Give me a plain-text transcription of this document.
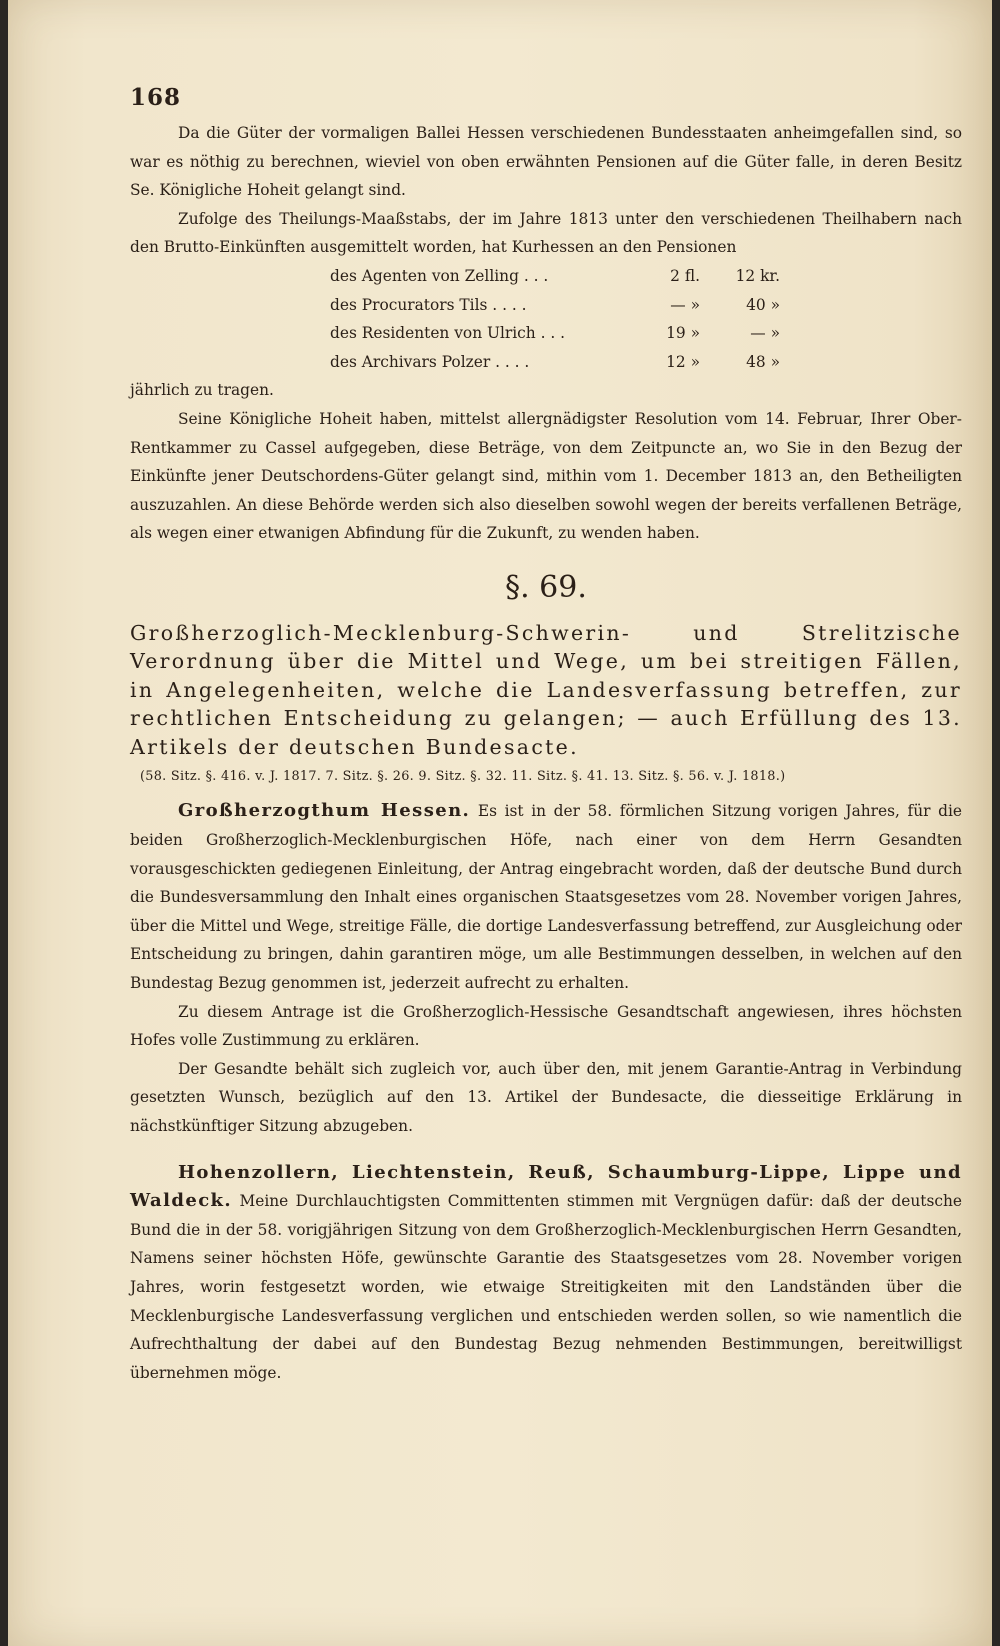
168

Da die Güter der vormaligen Ballei Hessen verschiedenen Bundesstaaten anheimgefallen sind, so war es nöthig zu berechnen, wieviel von oben erwähnten Pensionen auf die Güter falle, in deren Besitz Se. Königliche Hoheit gelangt sind.

Zufolge des Theilungs-Maaßstabs, der im Jahre 1813 unter den verschiedenen Theilhabern nach den Brutto-Einkünften ausgemittelt worden, hat Kurhessen an den Pensionen

des Agenten von Zelling . . .	2 fl.	12 kr.
des Procurators Tils . . . .	— »	40 »
des Residenten von Ulrich . . .	19 »	— »
des Archivars Polzer . . . .	12 »	48 »

jährlich zu tragen.

Seine Königliche Hoheit haben, mittelst allergnädigster Resolution vom 14. Februar, Ihrer Ober-Rentkammer zu Cassel aufgegeben, diese Beträge, von dem Zeitpuncte an, wo Sie in den Bezug der Einkünfte jener Deutschordens-Güter gelangt sind, mithin vom 1. December 1813 an, den Betheiligten auszuzahlen. An diese Behörde werden sich also dieselben sowohl wegen der bereits verfallenen Beträge, als wegen einer etwanigen Abfindung für die Zukunft, zu wenden haben.

§. 69.
Großherzoglich-Mecklenburg-Schwerin- und Strelitzische Verordnung über die Mittel und Wege, um bei streitigen Fällen, in Angelegenheiten, welche die Landesverfassung betreffen, zur rechtlichen Entscheidung zu gelangen; — auch Erfüllung des 13. Artikels der deutschen Bundesacte.
(58. Sitz. §. 416. v. J. 1817. 7. Sitz. §. 26. 9. Sitz. §. 32. 11. Sitz. §. 41. 13. Sitz. §. 56. v. J. 1818.)

Großherzogthum Hessen. Es ist in der 58. förmlichen Sitzung vorigen Jahres, für die beiden Großherzoglich-Mecklenburgischen Höfe, nach einer von dem Herrn Gesandten vorausgeschickten gediegenen Einleitung, der Antrag eingebracht worden, daß der deutsche Bund durch die Bundesversammlung den Inhalt eines organischen Staatsgesetzes vom 28. November vorigen Jahres, über die Mittel und Wege, streitige Fälle, die dortige Landesverfassung betreffend, zur Ausgleichung oder Entscheidung zu bringen, dahin garantiren möge, um alle Bestimmungen desselben, in welchen auf den Bundestag Bezug genommen ist, jederzeit aufrecht zu erhalten.

Zu diesem Antrage ist die Großherzoglich-Hessische Gesandtschaft angewiesen, ihres höchsten Hofes volle Zustimmung zu erklären.

Der Gesandte behält sich zugleich vor, auch über den, mit jenem Garantie-Antrag in Verbindung gesetzten Wunsch, bezüglich auf den 13. Artikel der Bundesacte, die diesseitige Erklärung in nächstkünftiger Sitzung abzugeben.

Hohenzollern, Liechtenstein, Reuß, Schaumburg-Lippe, Lippe und Waldeck. Meine Durchlauchtigsten Committenten stimmen mit Vergnügen dafür: daß der deutsche Bund die in der 58. vorigjährigen Sitzung von dem Großherzoglich-Mecklenburgischen Herrn Gesandten, Namens seiner höchsten Höfe, gewünschte Garantie des Staatsgesetzes vom 28. November vorigen Jahres, worin festgesetzt worden, wie etwaige Streitigkeiten mit den Landständen über die Mecklenburgische Landesverfassung verglichen und entschieden werden sollen, so wie namentlich die Aufrechthaltung der dabei auf den Bundestag Bezug nehmenden Bestimmungen, bereitwilligst übernehmen möge.
